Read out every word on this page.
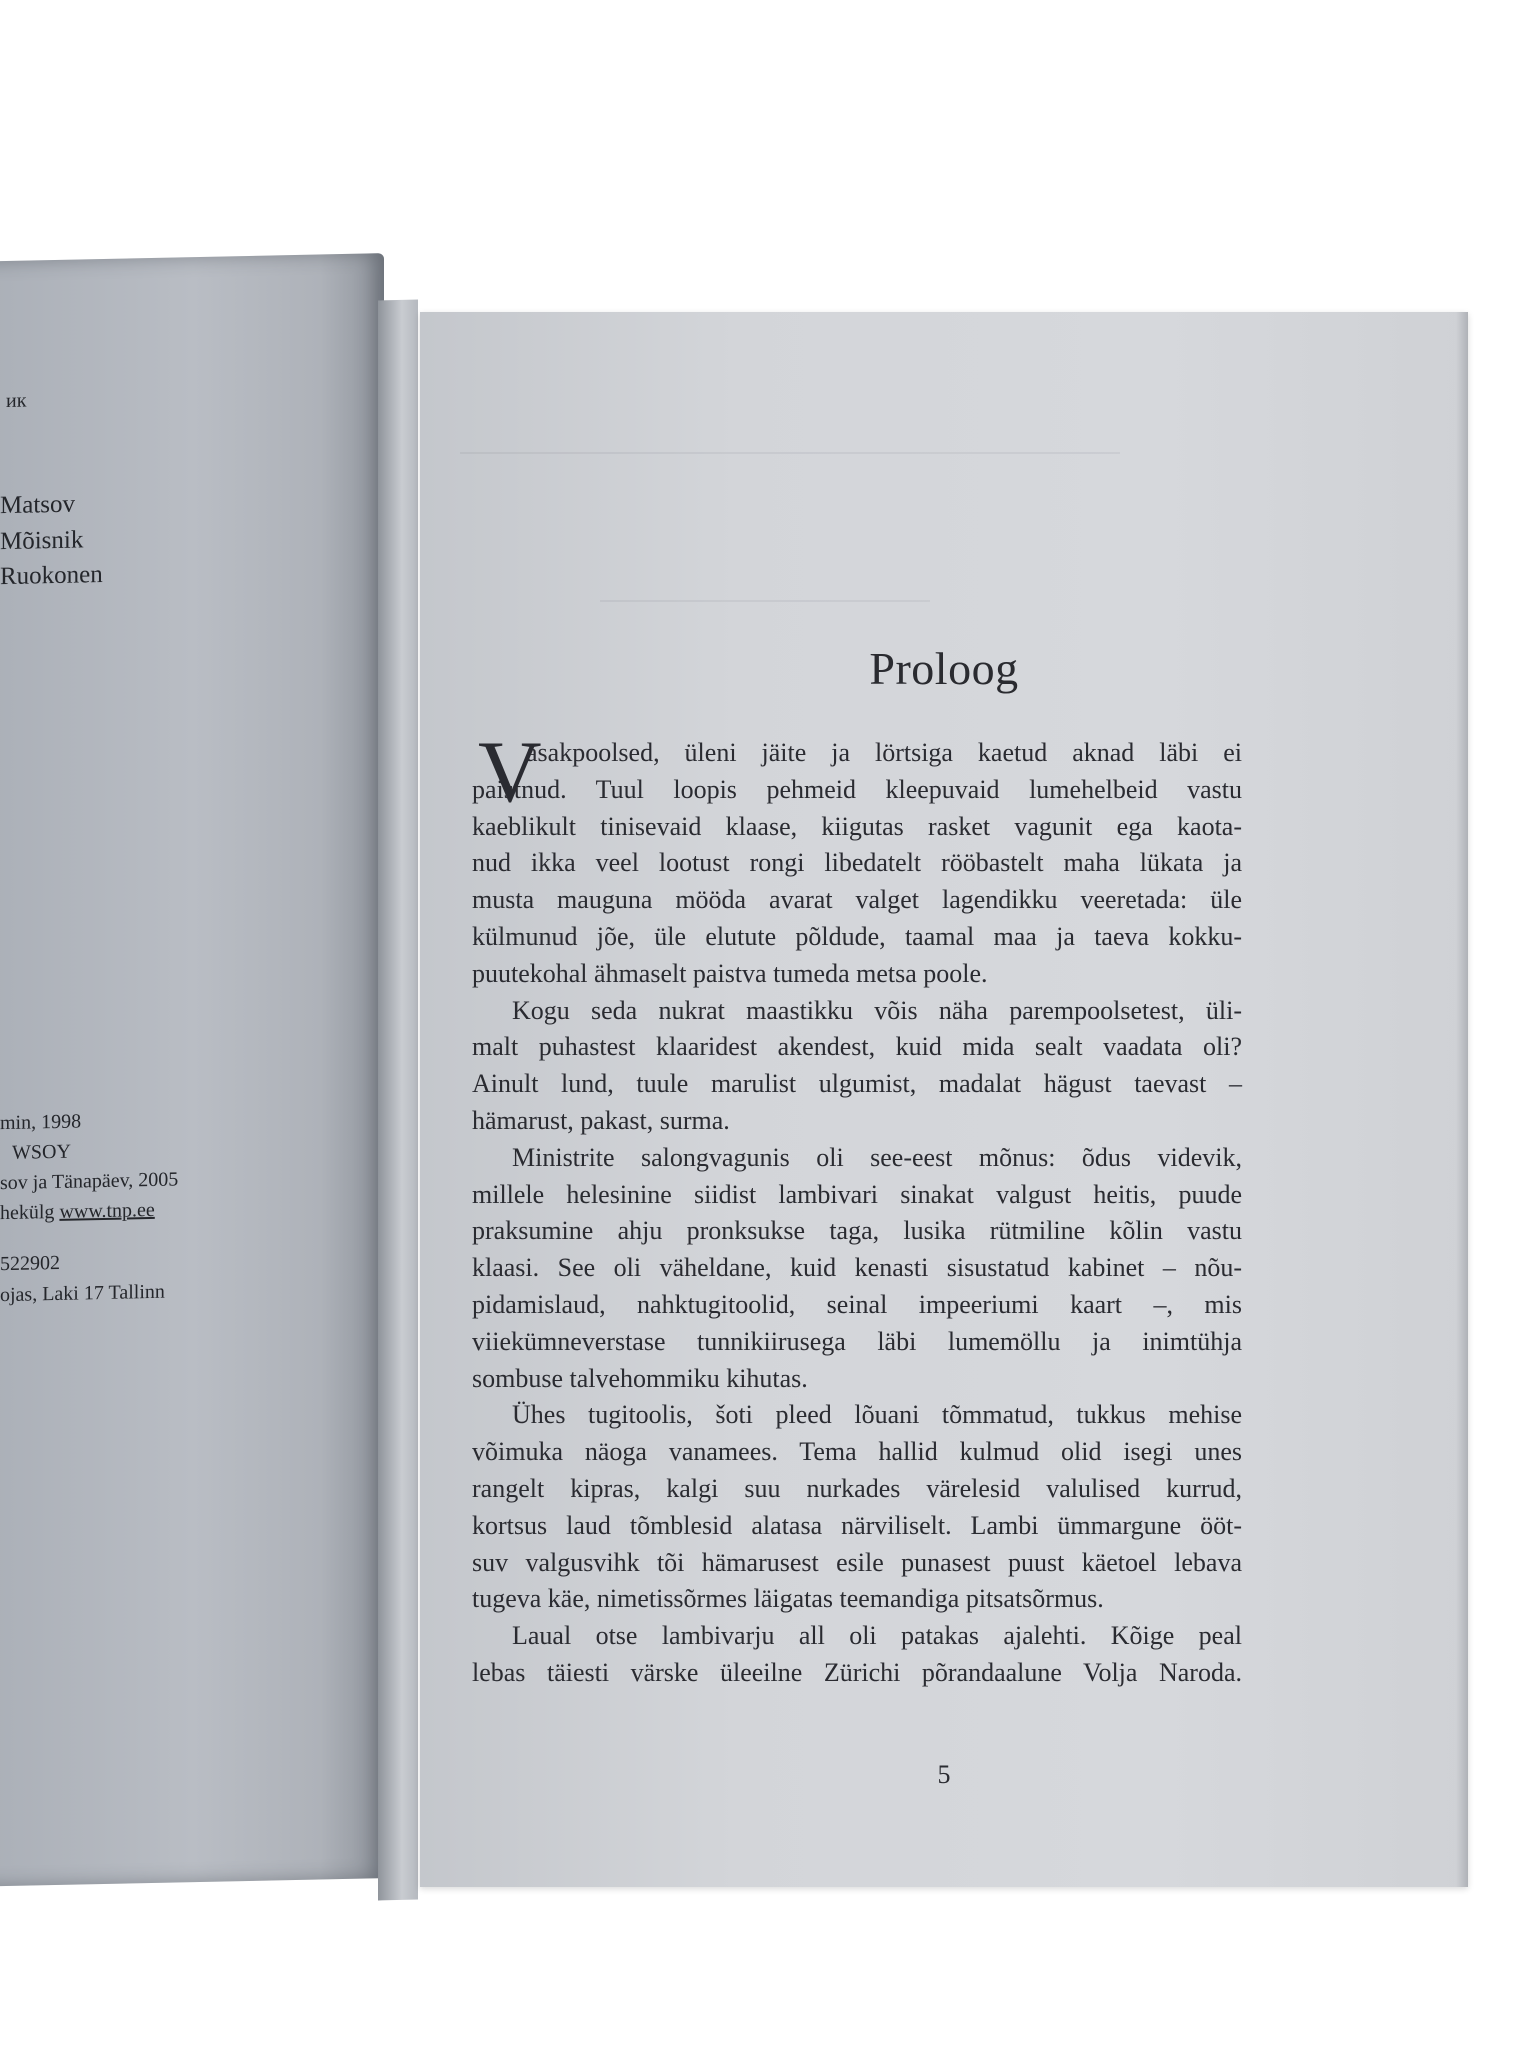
ик
Matsov
Mõisnik
Ruokonen
min, 1998
WSOY
sov ja Tänapäev, 2005
hekülg www.tnp.ee
522902
ojas, Laki 17 Tallinn
Proloog
V
asakpoolsed, üleni jäite ja lörtsiga kaetud aknad läbi ei
paistnud. Tuul loopis pehmeid kleepuvaid lumehelbeid vastu
kaeblikult tinisevaid klaase, kiigutas rasket vagunit ega kaota-
nud ikka veel lootust rongi libedatelt rööbastelt maha lükata ja
musta mauguna mööda avarat valget lagendikku veeretada: üle
külmunud jõe, üle elututе põldude, taamal maa ja taeva kokku-
puutekohal ähmaselt paistva tumeda metsa poole.
Kogu seda nukrat maastikku võis näha parempoolsetest, üli-
malt puhastest klaaridest akendest, kuid mida sealt vaadata oli?
Ainult lund, tuule marulist ulgumist, madalat hägust taevast –
hämarust, pakast, surma.
Ministrite salongvagunis oli see-eest mõnus: õdus videvik,
millele helesinine siidist lambivari sinakat valgust heitis, puude
praksumine ahju pronksukse taga, lusika rütmiline kõlin vastu
klaasi. See oli väheldane, kuid kenasti sisustatud kabinet – nõu-
pidamislaud, nahktugitoolid, seinal impeeriumi kaart –, mis
viiekümneverstase tunnikiirusega läbi lumemöllu ja inimtühja
sombuse talvehommiku kihutas.
Ühes tugitoolis, šoti pleed lõuani tõmmatud, tukkus mehise
võimuka näoga vanamees. Tema hallid kulmud olid isegi unes
rangelt kipras, kalgi suu nurkades värelesid valulised kurrud,
kortsus laud tõmblesid alatasa närviliselt. Lambi ümmargune ööt-
suv valgusvihk tõi hämarusest esile punasest puust käetoel lebava
tugeva käe, nimetissõrmes läigatas teemandiga pitsatsõrmus.
Laual otse lambivarju all oli patakas ajalehti. Kõige peal
lebas täiesti värske üleeilne Zürichi põrandaalune Volja Naroda.
5
